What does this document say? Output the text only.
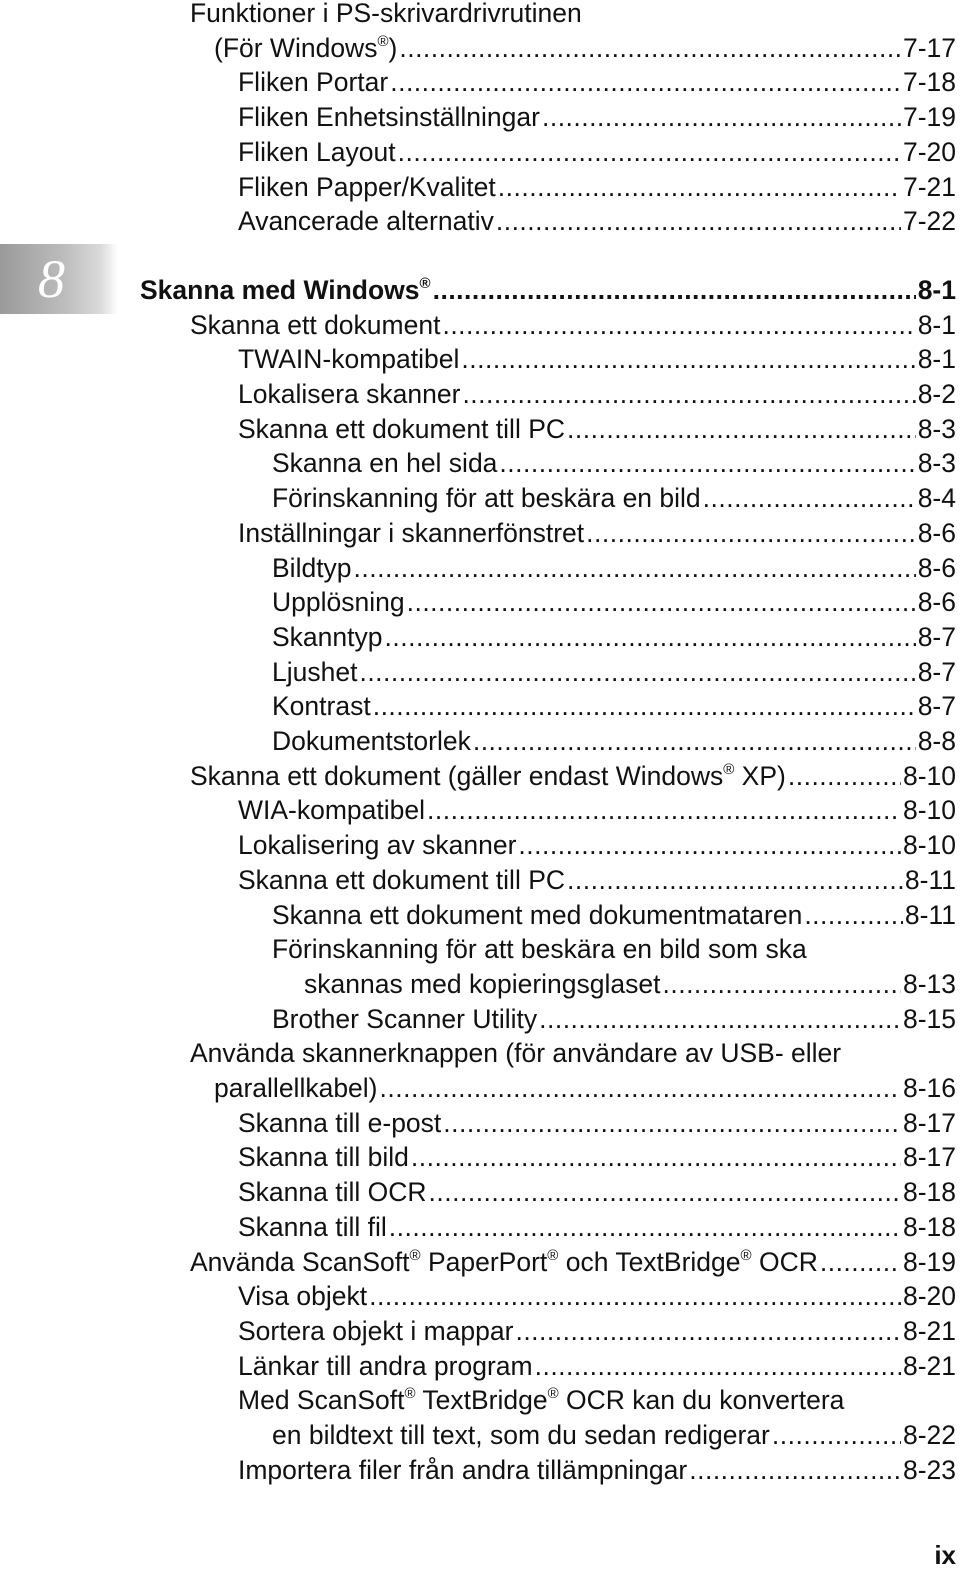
8
Funktioner i PS-skrivardrivrutinen
(För Windows®) .....	7-17
Fliken Portar .....	7-18
Fliken Enhetsinställningar .....	7-19
Fliken Layout .....	7-20
Fliken Papper/Kvalitet .....	7-21
Avancerade alternativ .....	7-22
Skanna med Windows® .....	8-1
Skanna ett dokument .....	8-1
TWAIN-kompatibel .....	8-1
Lokalisera skanner .....	8-2
Skanna ett dokument till PC .....	8-3
Skanna en hel sida .....	8-3
Förinskanning för att beskära en bild .....	8-4
Inställningar i skannerfönstret .....	8-6
Bildtyp .....	8-6
Upplösning .....	8-6
Skanntyp .....	8-7
Ljushet .....	8-7
Kontrast .....	8-7
Dokumentstorlek .....	8-8
Skanna ett dokument (gäller endast Windows® XP) .....	8-10
WIA-kompatibel .....	8-10
Lokalisering av skanner .....	8-10
Skanna ett dokument till PC .....	8-11
Skanna ett dokument med dokumentmataren .....	8-11
Förinskanning för att beskära en bild som ska
skannas med kopieringsglaset .....	8-13
Brother Scanner Utility .....	8-15
Använda skannerknappen (för användare av USB- eller
parallellkabel) .....	8-16
Skanna till e-post .....	8-17
Skanna till bild .....	8-17
Skanna till OCR .....	8-18
Skanna till fil .....	8-18
Använda ScanSoft® PaperPort® och TextBridge® OCR .....	8-19
Visa objekt .....	8-20
Sortera objekt i mappar .....	8-21
Länkar till andra program .....	8-21
Med ScanSoft® TextBridge® OCR kan du konvertera
en bildtext till text, som du sedan redigerar .....	8-22
Importera filer från andra tillämpningar .....	8-23
ix
